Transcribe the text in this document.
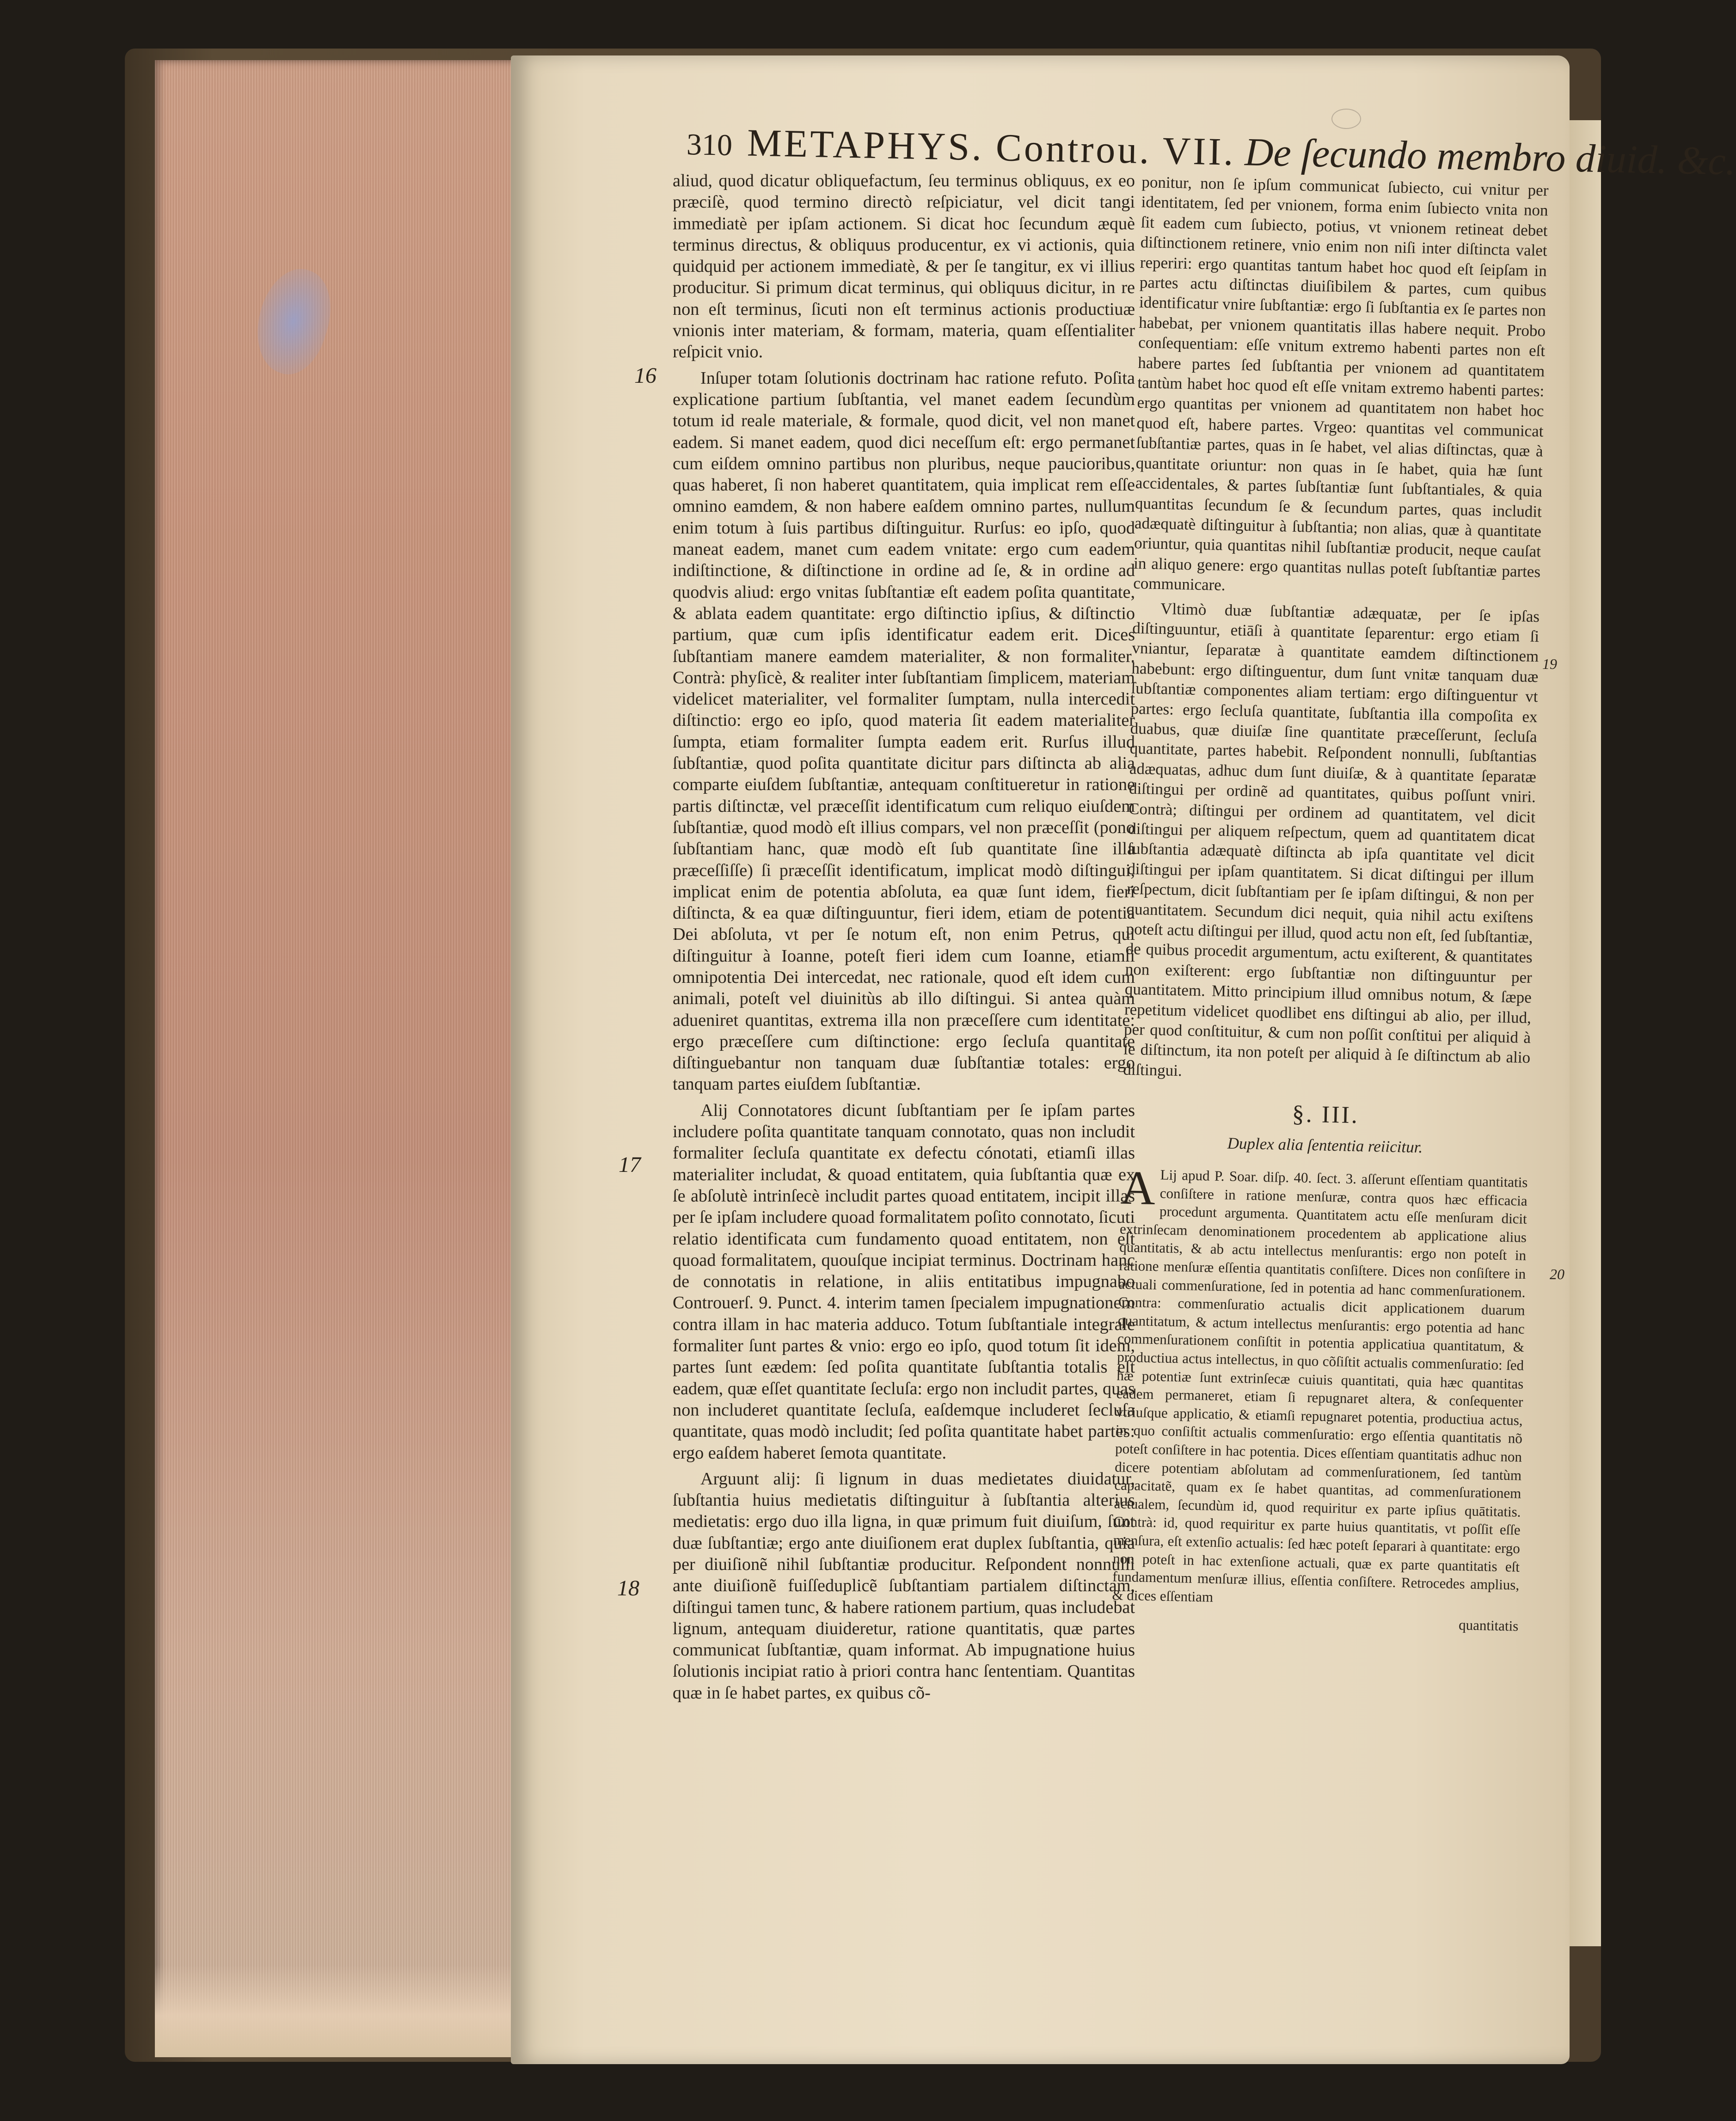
310 METAPHYS. Controu. VII. De ſecundo membro diuid. &c.
16
17
18
19
20

aliud, quod dicatur obliquefactum, ſeu terminus obliquus, ex eo præciſè, quod termino directò reſpiciatur, vel dicit tangi immediatè per ipſam actionem. Si dicat hoc ſecundum æquè terminus directus, & obliquus producentur, ex vi actionis, quia quidquid per actionem immediatè, & per ſe tangitur, ex vi illius producitur. Si primum dicat terminus, qui obliquus dicitur, in re non eſt terminus, ſicuti non eſt terminus actionis productiuæ vnionis inter materiam, & formam, materia, quam eſſentialiter reſpicit vnio.

Inſuper totam ſolutionis doctrinam hac ratione refuto. Poſita explicatione partium ſubſtantia, vel manet eadem ſecundùm totum id reale materiale, & formale, quod dicit, vel non manet eadem. Si manet eadem, quod dici neceſſum eſt: ergo permanet cum eiſdem omnino partibus non pluribus, neque paucioribus, quas haberet, ſi non haberet quantitatem, quia implicat rem eſſe omnino eamdem, & non habere eaſdem omnino partes, nullum enim totum à ſuis partibus diſtinguitur. Rurſus: eo ipſo, quod maneat eadem, manet cum eadem vnitate: ergo cum eadem indiſtinctione, & diſtinctione in ordine ad ſe, & in ordine ad quodvis aliud: ergo vnitas ſubſtantiæ eſt eadem poſita quantitate, & ablata eadem quantitate: ergo diſtinctio ipſius, & diſtinctio partium, quæ cum ipſis identificatur eadem erit. Dices ſubſtantiam manere eamdem materialiter, & non formaliter. Contrà: phyſicè, & realiter inter ſubſtantiam ſimplicem, materiam videlicet materialiter, vel formaliter ſumptam, nulla intercedit diſtinctio: ergo eo ipſo, quod materia ſit eadem materialiter ſumpta, etiam formaliter ſumpta eadem erit. Rurſus illud ſubſtantiæ, quod poſita quantitate dicitur pars diſtincta ab alia comparte eiuſdem ſubſtantiæ, antequam conſtitueretur in ratione partis diſtinctæ, vel præceſſit identificatum cum reliquo eiuſdem ſubſtantiæ, quod modò eſt illius compars, vel non præceſſit (pono ſubſtantiam hanc, quæ modò eſt ſub quantitate ſine illa præceſſiſſe) ſi præceſſit identificatum, implicat modò diſtingui, implicat enim de potentia abſoluta, ea quæ ſunt idem, fieri diſtincta, & ea quæ diſtinguuntur, fieri idem, etiam de potentia Dei abſoluta, vt per ſe notum eſt, non enim Petrus, qui diſtinguitur à Ioanne, poteſt fieri idem cum Ioanne, etiamſi omnipotentia Dei intercedat, nec rationale, quod eſt idem cum animali, poteſt vel diuinitùs ab illo diſtingui. Si antea quàm adueniret quantitas, extrema illa non præceſſere cum identitate: ergo præceſſere cum diſtinctione: ergo ſecluſa quantitate diſtinguebantur non tanquam duæ ſubſtantiæ totales: ergo tanquam partes eiuſdem ſubſtantiæ.

Alij Connotatores dicunt ſubſtantiam per ſe ipſam partes includere poſita quantitate tanquam connotato, quas non includit formaliter ſecluſa quantitate ex defectu cónotati, etiamſi illas materialiter includat, & quoad entitatem, quia ſubſtantia quæ ex ſe abſolutè intrinſecè includit partes quoad entitatem, incipit illas per ſe ipſam includere quoad formalitatem poſito connotato, ſicuti relatio identificata cum fundamento quoad entitatem, non eſt quoad formalitatem, quouſque incipiat terminus. Doctrinam hanc de connotatis in relatione, in aliis entitatibus impugnabo Controuerſ. 9. Punct. 4. interim tamen ſpecialem impugnationem contra illam in hac materia adduco. Totum ſubſtantiale integrale formaliter ſunt partes & vnio: ergo eo ipſo, quod totum ſit idem, partes ſunt eædem: ſed poſita quantitate ſubſtantia totalis eſt eadem, quæ eſſet quantitate ſecluſa: ergo non includit partes, quas non includeret quantitate ſecluſa, eaſdemque includeret ſecluſa quantitate, quas modò includit; ſed poſita quantitate habet partes: ergo eaſdem haberet ſemota quantitate.

Arguunt alij: ſi lignum in duas medietates diuidatur, ſubſtantia huius medietatis diſtinguitur à ſubſtantia alterius medietatis: ergo duo illa ligna, in quæ primum fuit diuiſum, ſunt duæ ſubſtantiæ; ergo ante diuiſionem erat duplex ſubſtantia, quia per diuiſionẽ nihil ſubſtantiæ producitur. Reſpondent nonnulli ante diuiſionẽ fuiſſeduplicẽ ſubſtantiam partialem diſtinctam, diſtingui tamen tunc, & habere rationem partium, quas includebat lignum, antequam diuideretur, ratione quantitatis, quæ partes communicat ſubſtantiæ, quam informat. Ab impugnatione huius ſolutionis incipiat ratio à priori contra hanc ſententiam. Quantitas quæ in ſe habet partes, ex quibus cõ-

ponitur, non ſe ipſum communicat ſubiecto, cui vnitur per identitatem, ſed per vnionem, forma enim ſubiecto vnita non ſit eadem cum ſubiecto, potius, vt vnionem retineat debet diſtinctionem retinere, vnio enim non niſi inter diſtincta valet reperiri: ergo quantitas tantum habet hoc quod eſt ſeipſam in partes actu diſtinctas diuiſibilem & partes, cum quibus identificatur vnire ſubſtantiæ: ergo ſi ſubſtantia ex ſe partes non habebat, per vnionem quantitatis illas habere nequit. Probo conſequentiam: eſſe vnitum extremo habenti partes non eſt habere partes ſed ſubſtantia per vnionem ad quantitatem tantùm habet hoc quod eſt eſſe vnitam extremo habenti partes: ergo quantitas per vnionem ad quantitatem non habet hoc quod eſt, habere partes. Vrgeo: quantitas vel communicat ſubſtantiæ partes, quas in ſe habet, vel alias diſtinctas, quæ à quantitate oriuntur: non quas in ſe habet, quia hæ ſunt accidentales, & partes ſubſtantiæ ſunt ſubſtantiales, & quia quantitas ſecundum ſe & ſecundum partes, quas includit adæquatè diſtinguitur à ſubſtantia; non alias, quæ à quantitate oriuntur, quia quantitas nihil ſubſtantiæ producit, neque cauſat in aliquo genere: ergo quantitas nullas poteſt ſubſtantiæ partes communicare.

Vltimò duæ ſubſtantiæ adæquatæ, per ſe ipſas diſtinguuntur, etiāſi à quantitate ſeparentur: ergo etiam ſi vniantur, ſeparatæ à quantitate eamdem diſtinctionem habebunt: ergo diſtinguentur, dum ſunt vnitæ tanquam duæ ſubſtantiæ componentes aliam tertiam: ergo diſtinguentur vt partes: ergo ſecluſa quantitate, ſubſtantia illa compoſita ex duabus, quæ diuiſæ ſine quantitate præceſſerunt, ſecluſa quantitate, partes habebit. Reſpondent nonnulli, ſubſtantias adæquatas, adhuc dum ſunt diuiſæ, & à quantitate ſeparatæ diſtingui per ordinẽ ad quantitates, quibus poſſunt vniri. Contrà; diſtingui per ordinem ad quantitatem, vel dicit diſtingui per aliquem reſpectum, quem ad quantitatem dicat ſubſtantia adæquatè diſtincta ab ipſa quantitate vel dicit diſtingui per ipſam quantitatem. Si dicat diſtingui per illum reſpectum, dicit ſubſtantiam per ſe ipſam diſtingui, & non per quantitatem. Secundum dici nequit, quia nihil actu exiſtens poteſt actu diſtingui per illud, quod actu non eſt, ſed ſubſtantiæ, de quibus procedit argumentum, actu exiſterent, & quantitates non exiſterent: ergo ſubſtantiæ non diſtinguuntur per quantitatem. Mitto principium illud omnibus notum, & ſæpe repetitum videlicet quodlibet ens diſtingui ab alio, per illud, per quod conſtituitur, & cum non poſſit conſtitui per aliquid à ſe diſtinctum, ita non poteſt per aliquid à ſe diſtinctum ab alio diſtingui.

§. III.
Duplex alia ſententia reiicitur.

A Lij apud P. Soar. diſp. 40. ſect. 3. aſſerunt eſſentiam quantitatis conſiſtere in ratione menſuræ, contra quos hæc efficacia procedunt argumenta. Quantitatem actu eſſe menſuram dicit extrinſecam denominationem procedentem ab applicatione alius quantitatis, & ab actu intellectus menſurantis: ergo non poteſt in ratione menſuræ eſſentia quantitatis conſiſtere. Dices non conſiſtere in actuali commenſuratione, ſed in potentia ad hanc commenſurationem. Contra: commenſuratio actualis dicit applicationem duarum quantitatum, & actum intellectus menſurantis: ergo potentia ad hanc commenſurationem conſiſtit in potentia applicatiua quantitatum, & productiua actus intellectus, in quo cõſiſtit actualis commenſuratio: ſed hæ potentiæ ſunt extrinſecæ cuiuis quantitati, quia hæc quantitas eadem permaneret, etiam ſi repugnaret altera, & conſequenter vtriuſque applicatio, & etiamſi repugnaret potentia, productiua actus, in quo conſiſtit actualis commenſuratio: ergo eſſentia quantitatis nõ poteſt conſiſtere in hac potentia. Dices eſſentiam quantitatis adhuc non dicere potentiam abſolutam ad commenſurationem, ſed tantùm capacitatẽ, quam ex ſe habet quantitas, ad commenſurationem actualem, ſecundùm id, quod requiritur ex parte ipſius quātitatis. Contrà: id, quod requiritur ex parte huius quantitatis, vt poſſit eſſe menſura, eſt extenſio actualis: ſed hæc poteſt ſeparari à quantitate: ergo non poteſt in hac extenſione actuali, quæ ex parte quantitatis eſt fundamentum menſuræ illius, eſſentia conſiſtere. Retrocedes amplius, & dices eſſentiam

quantitatis
